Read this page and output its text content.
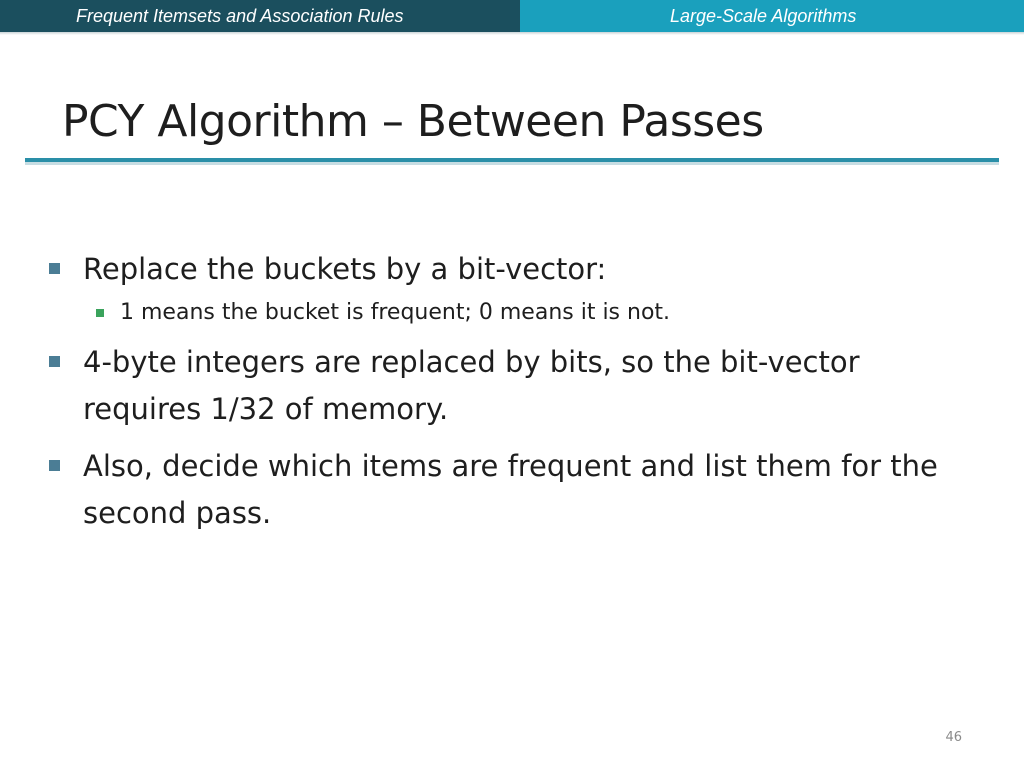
Frequent Itemsets and Association Rules	Large-Scale Algorithms
PCY Algorithm – Between Passes
Replace the buckets by a bit-vector:
1 means the bucket is frequent; 0 means it is not.
4-byte integers are replaced by bits, so the bit-vector requires 1/32 of memory.
Also, decide which items are frequent and list them for the second pass.
46
